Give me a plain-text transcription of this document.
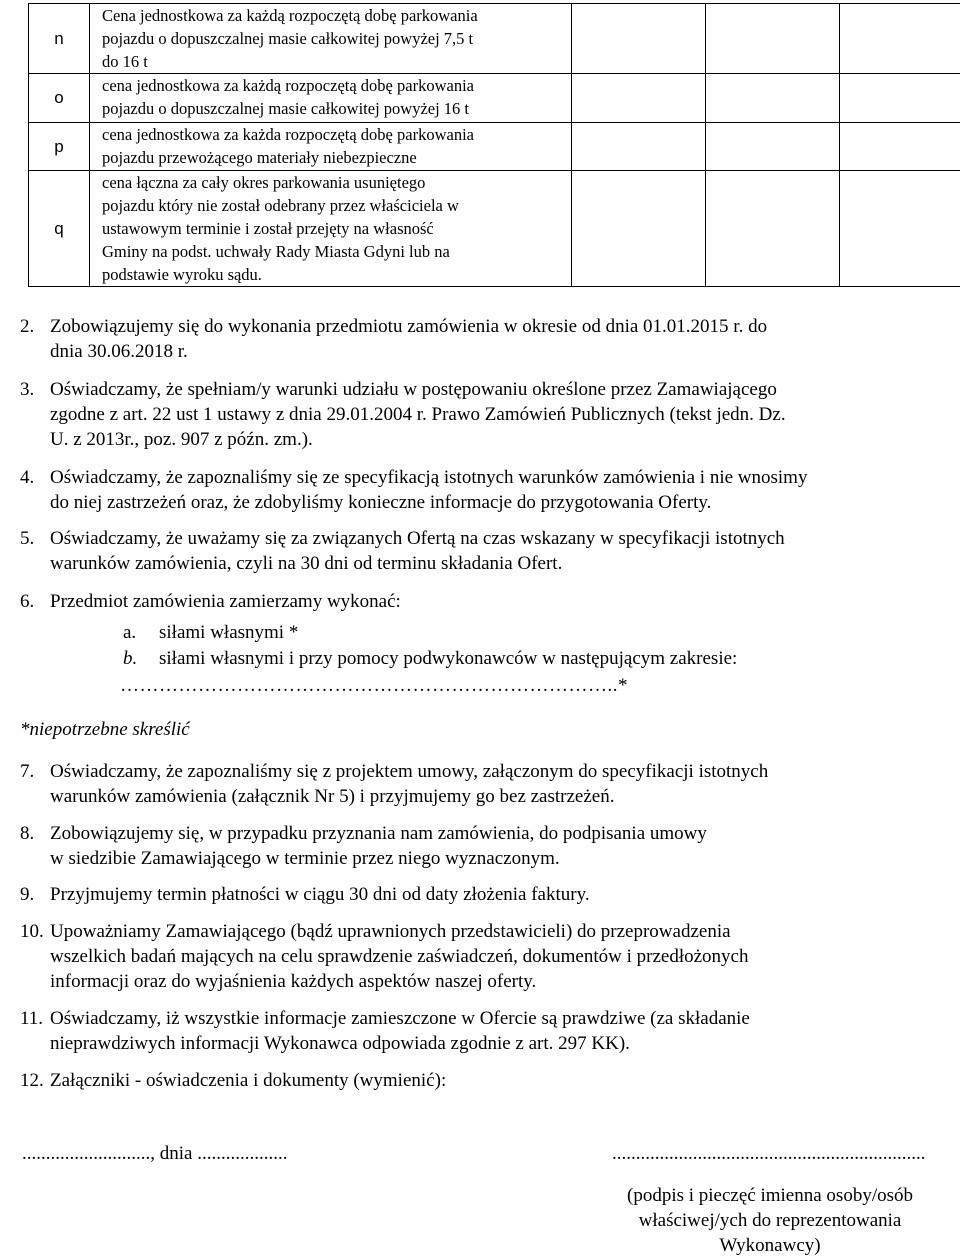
n	Cena jednostkowa za każdą rozpoczętą dobę parkowania
pojazdu o dopuszczalnej masie całkowitej powyżej 7,5 t
do 16 t			

o	cena jednostkowa za każdą rozpoczętą dobę parkowania
pojazdu o dopuszczalnej masie całkowitej powyżej 16 t			

p	cena jednostkowa za każda rozpoczętą dobę parkowania
pojazdu przewożącego materiały niebezpieczne			

q	cena łączna za cały okres parkowania usuniętego
pojazdu który nie został odebrany przez właściciela w
ustawowym terminie i został przejęty na własność
Gminy na podst. uchwały Rady Miasta Gdyni lub na
podstawie wyroku sądu.			

2. Zobowiązujemy się do wykonania przedmiotu zamówienia w okresie od dnia 01.01.2015 r. do
dnia 30.06.2018 r.
3. Oświadczamy, że spełniam/y warunki udziału w postępowaniu określone przez Zamawiającego
zgodne z art. 22 ust 1 ustawy z dnia 29.01.2004 r. Prawo Zamówień Publicznych (tekst jedn. Dz.
U. z 2013r., poz. 907 z późn. zm.).
4. Oświadczamy, że zapoznaliśmy się ze specyfikacją istotnych warunków zamówienia i nie wnosimy
do niej zastrzeżeń oraz, że zdobyliśmy konieczne informacje do przygotowania Oferty.
5. Oświadczamy, że uważamy się za związanych Ofertą na czas wskazany w specyfikacji istotnych
warunków zamówienia, czyli na 30 dni od terminu składania Ofert.
6. Przedmiot zamówienia zamierzamy wykonać:
a. siłami własnymi *
b. siłami własnymi i przy pomocy podwykonawców w następującym zakresie:
…………………………………………………………………..*
*niepotrzebne skreślić
7. Oświadczamy, że zapoznaliśmy się z projektem umowy, załączonym do specyfikacji istotnych
warunków zamówienia (załącznik Nr 5) i przyjmujemy go bez zastrzeżeń.
8. Zobowiązujemy się, w przypadku przyznania nam zamówienia, do podpisania umowy
w siedzibie Zamawiającego w terminie przez niego wyznaczonym.
9. Przyjmujemy termin płatności w ciągu 30 dni od daty złożenia faktury.
10. Upoważniamy Zamawiającego (bądź uprawnionych przedstawicieli) do przeprowadzenia
wszelkich badań mających na celu sprawdzenie zaświadczeń, dokumentów i przedłożonych
informacji oraz do wyjaśnienia każdych aspektów naszej oferty.
11. Oświadczamy, iż wszystkie informacje zamieszczone w Ofercie są prawdziwe (za składanie
nieprawdziwych informacji Wykonawca odpowiada zgodnie z art. 297 KK).
12. Załączniki - oświadczenia i dokumenty (wymienić):
..........................., dnia ...................	..................................................................
(podpis i pieczęć imienna osoby/osób
właściwej/ych do reprezentowania
Wykonawcy)
